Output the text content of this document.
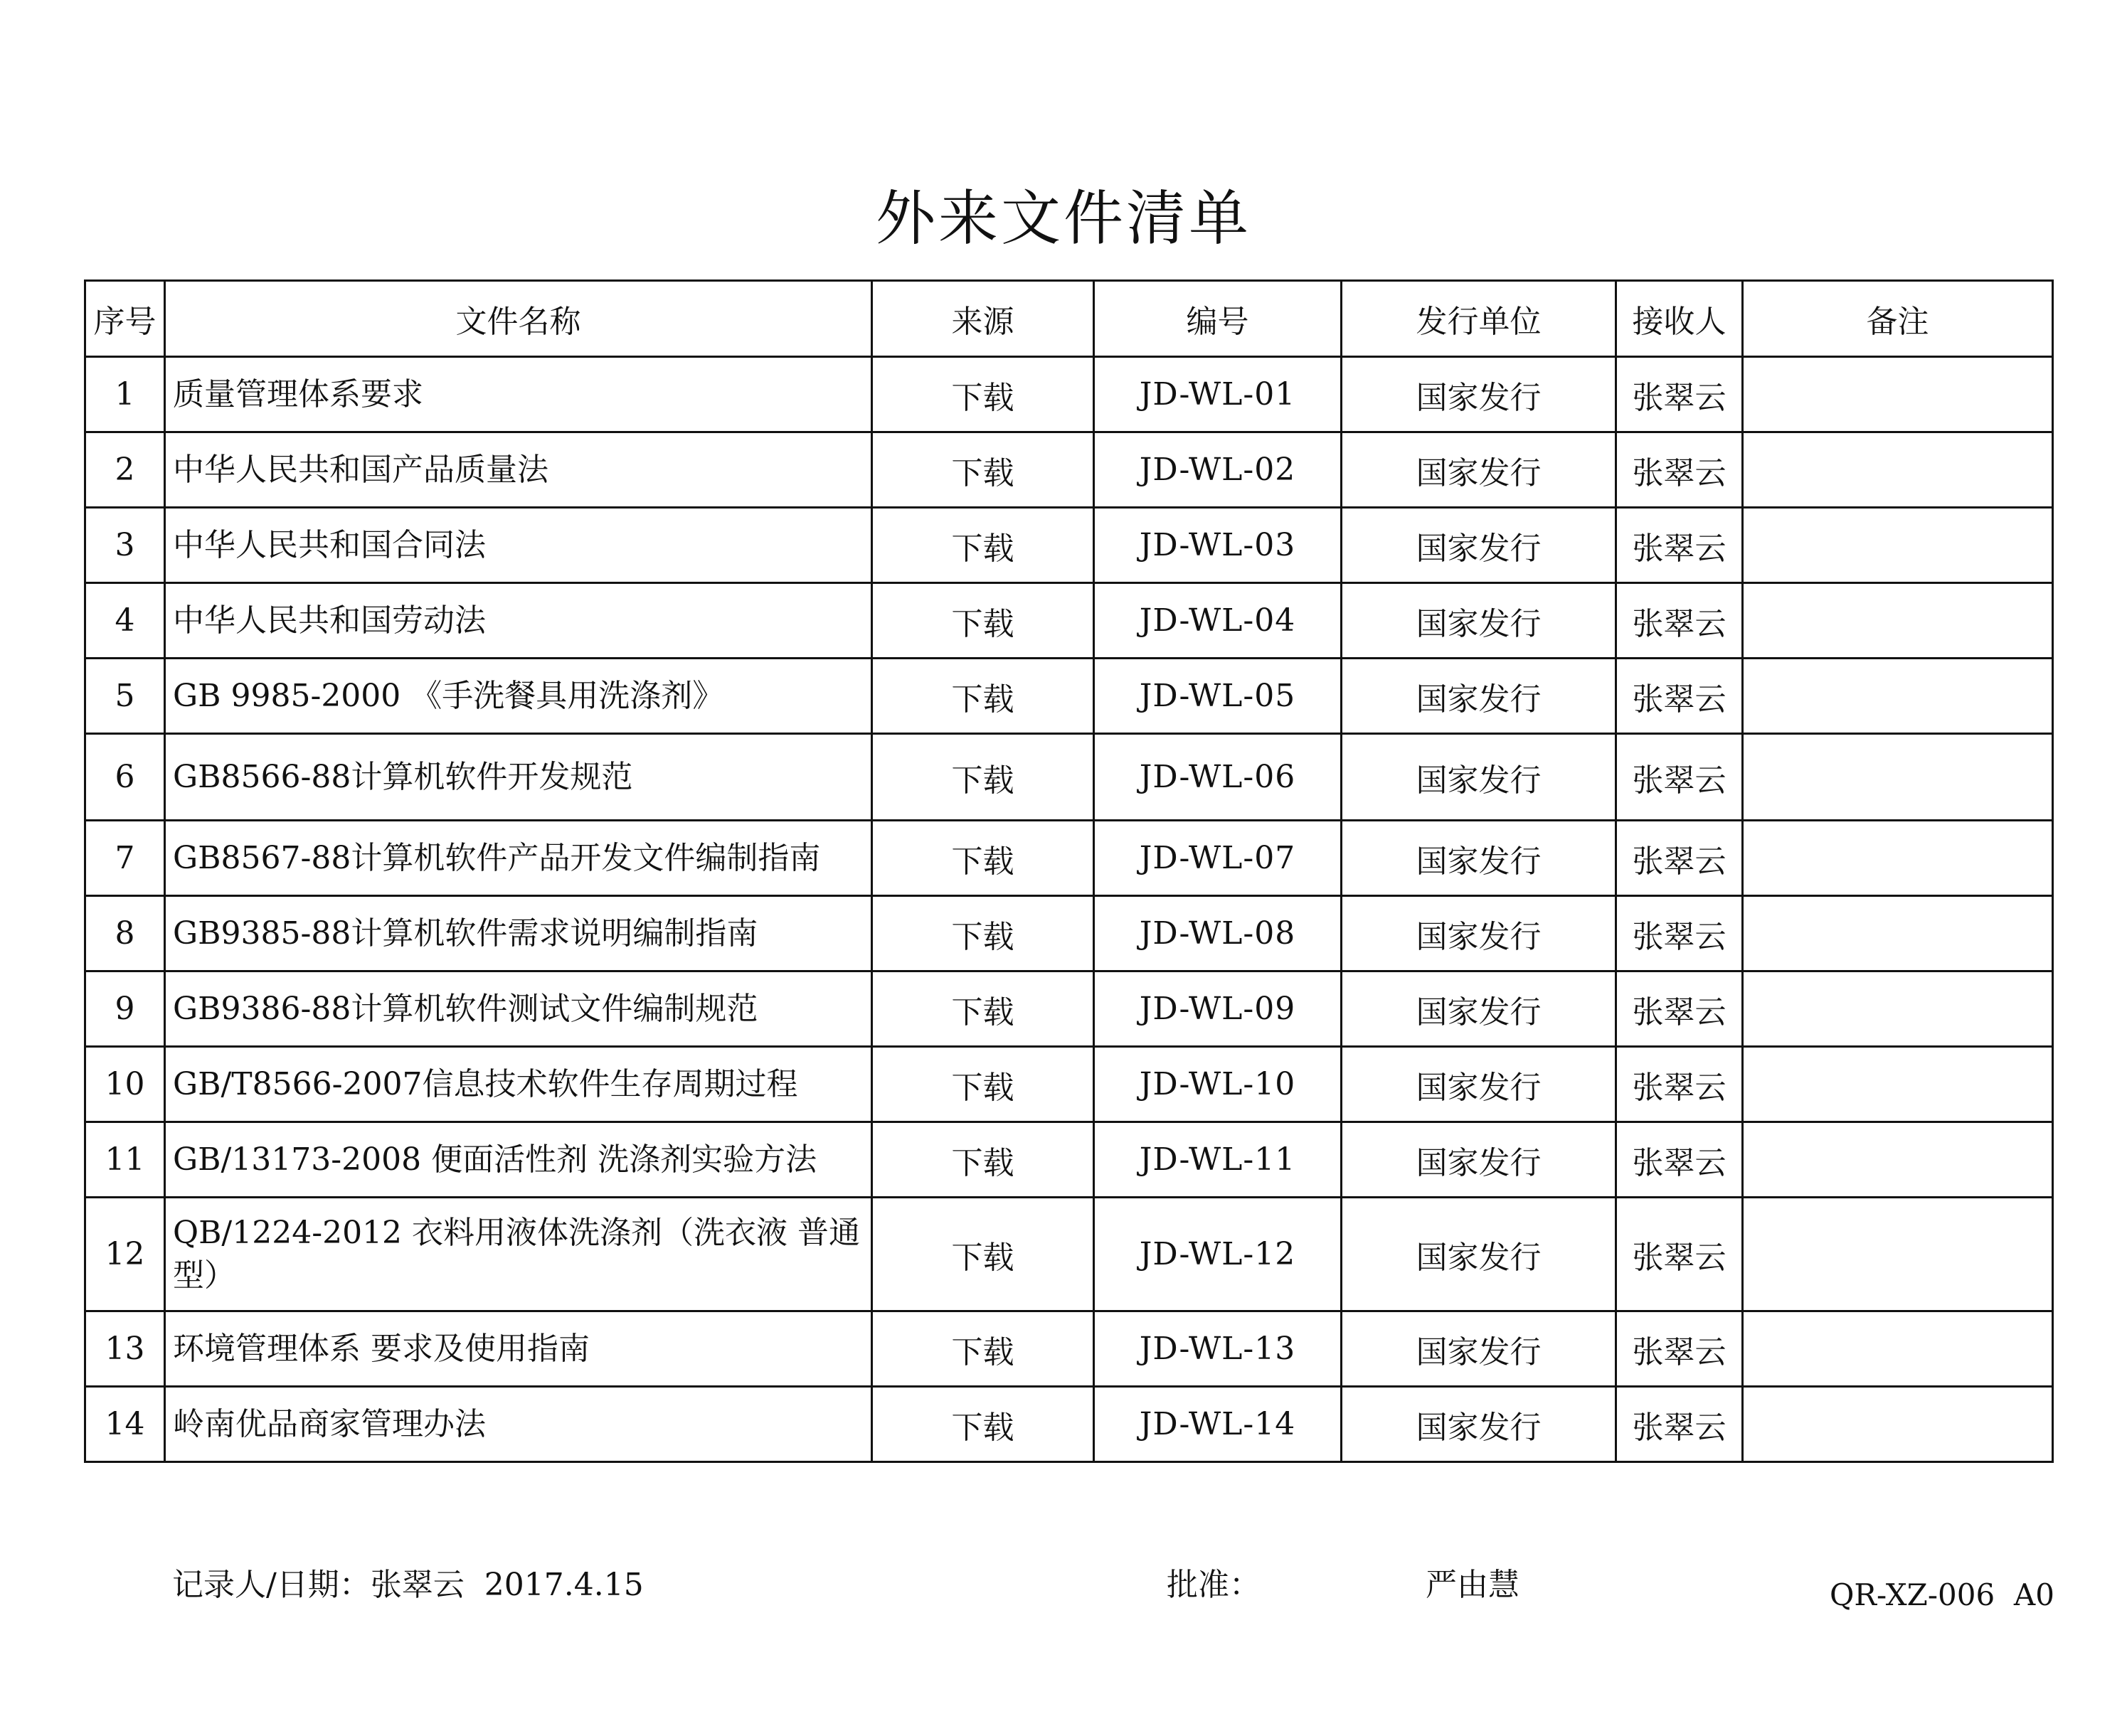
外来文件清单
序号	文件名称	来源	编号	发行单位	接收人	备注
1	质量管理体系要求	下载	JD-WL-01	国家发行	张翠云	
2	中华人民共和国产品质量法	下载	JD-WL-02	国家发行	张翠云	
3	中华人民共和国合同法	下载	JD-WL-03	国家发行	张翠云	
4	中华人民共和国劳动法	下载	JD-WL-04	国家发行	张翠云	
5	GB 9985-2000 《手洗餐具用洗涤剂》	下载	JD-WL-05	国家发行	张翠云	
6	GB8566-88计算机软件开发规范	下载	JD-WL-06	国家发行	张翠云	
7	GB8567-88计算机软件产品开发文件编制指南	下载	JD-WL-07	国家发行	张翠云	
8	GB9385-88计算机软件需求说明编制指南	下载	JD-WL-08	国家发行	张翠云	
9	GB9386-88计算机软件测试文件编制规范	下载	JD-WL-09	国家发行	张翠云	
10	GB/T8566-2007信息技术软件生存周期过程	下载	JD-WL-10	国家发行	张翠云	
11	GB/13173-2008 便面活性剂 洗涤剂实验方法	下载	JD-WL-11	国家发行	张翠云	
12	QB/1224-2012 衣料用液体洗涤剂（洗衣液 普通型）	下载	JD-WL-12	国家发行	张翠云	
13	环境管理体系 要求及使用指南	下载	JD-WL-13	国家发行	张翠云	
14	岭南优品商家管理办法	下载	JD-WL-14	国家发行	张翠云	
记录人/日期：张翠云  2017.4.15	批准：	严由慧	QR-XZ-006  A0
